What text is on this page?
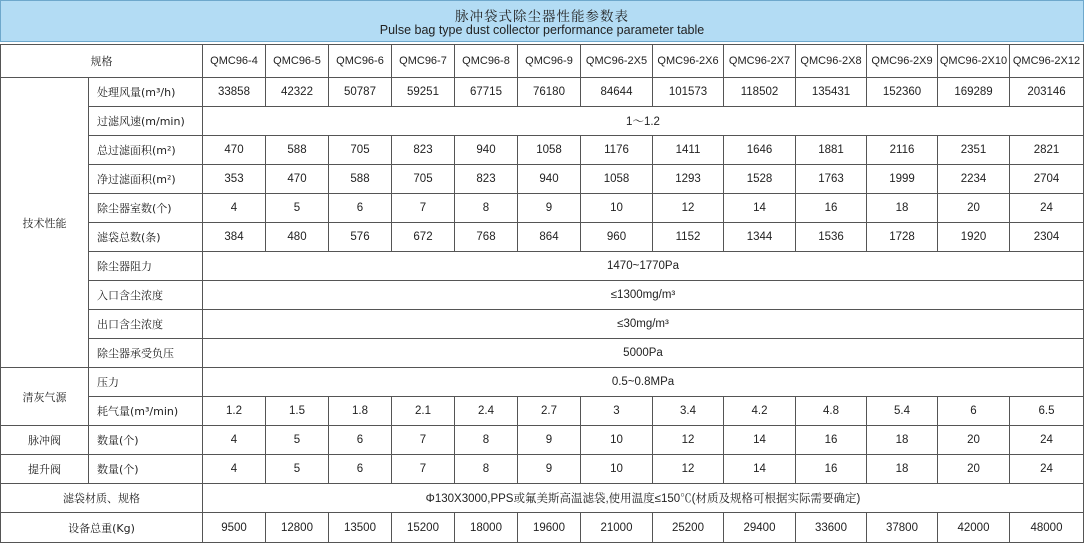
脉冲袋式除尘器性能参数表
Pulse bag type dust collector performance parameter table
规格		QMC96-4	QMC96-5	QMC96-6	QMC96-7	QMC96-8	QMC96-9	QMC96-2X5	QMC96-2X6	QMC96-2X7	QMC96-2X8	QMC96-2X9	QMC96-2X10	QMC96-2X12
技术性能	处理风量(m³/h)	33858	42322	50787	59251	67715	76180	84644	101573	118502	135431	152360	169289	203146
	过滤风速(m/min)	1～1.2												
	总过滤面积(m²)	470	588	705	823	940	1058	1176	1411	1646	1881	2116	2351	2821
	净过滤面积(m²)	353	470	588	705	823	940	1058	1293	1528	1763	1999	2234	2704
	除尘器室数(个)	4	5	6	7	8	9	10	12	14	16	18	20	24
	滤袋总数(条)	384	480	576	672	768	864	960	1152	1344	1536	1728	1920	2304
	除尘器阻力	1470~1770Pa												
	入口含尘浓度	≤1300mg/m³												
	出口含尘浓度	≤30mg/m³												
	除尘器承受负压	5000Pa												
清灰气源	压力	0.5~0.8MPa												
	耗气量(m³/min)	1.2	1.5	1.8	2.1	2.4	2.7	3	3.4	4.2	4.8	5.4	6	6.5
脉冲阀	数量(个)	4	5	6	7	8	9	10	12	14	16	18	20	24
提升阀	数量(个)	4	5	6	7	8	9	10	12	14	16	18	20	24
滤袋材质、规格		Φ130X3000,PPS或氟美斯高温滤袋,使用温度≤150℃(材质及规格可根据实际需要确定)												
设备总重(Kg)		9500	12800	13500	15200	18000	19600	21000	25200	29400	33600	37800	42000	48000
